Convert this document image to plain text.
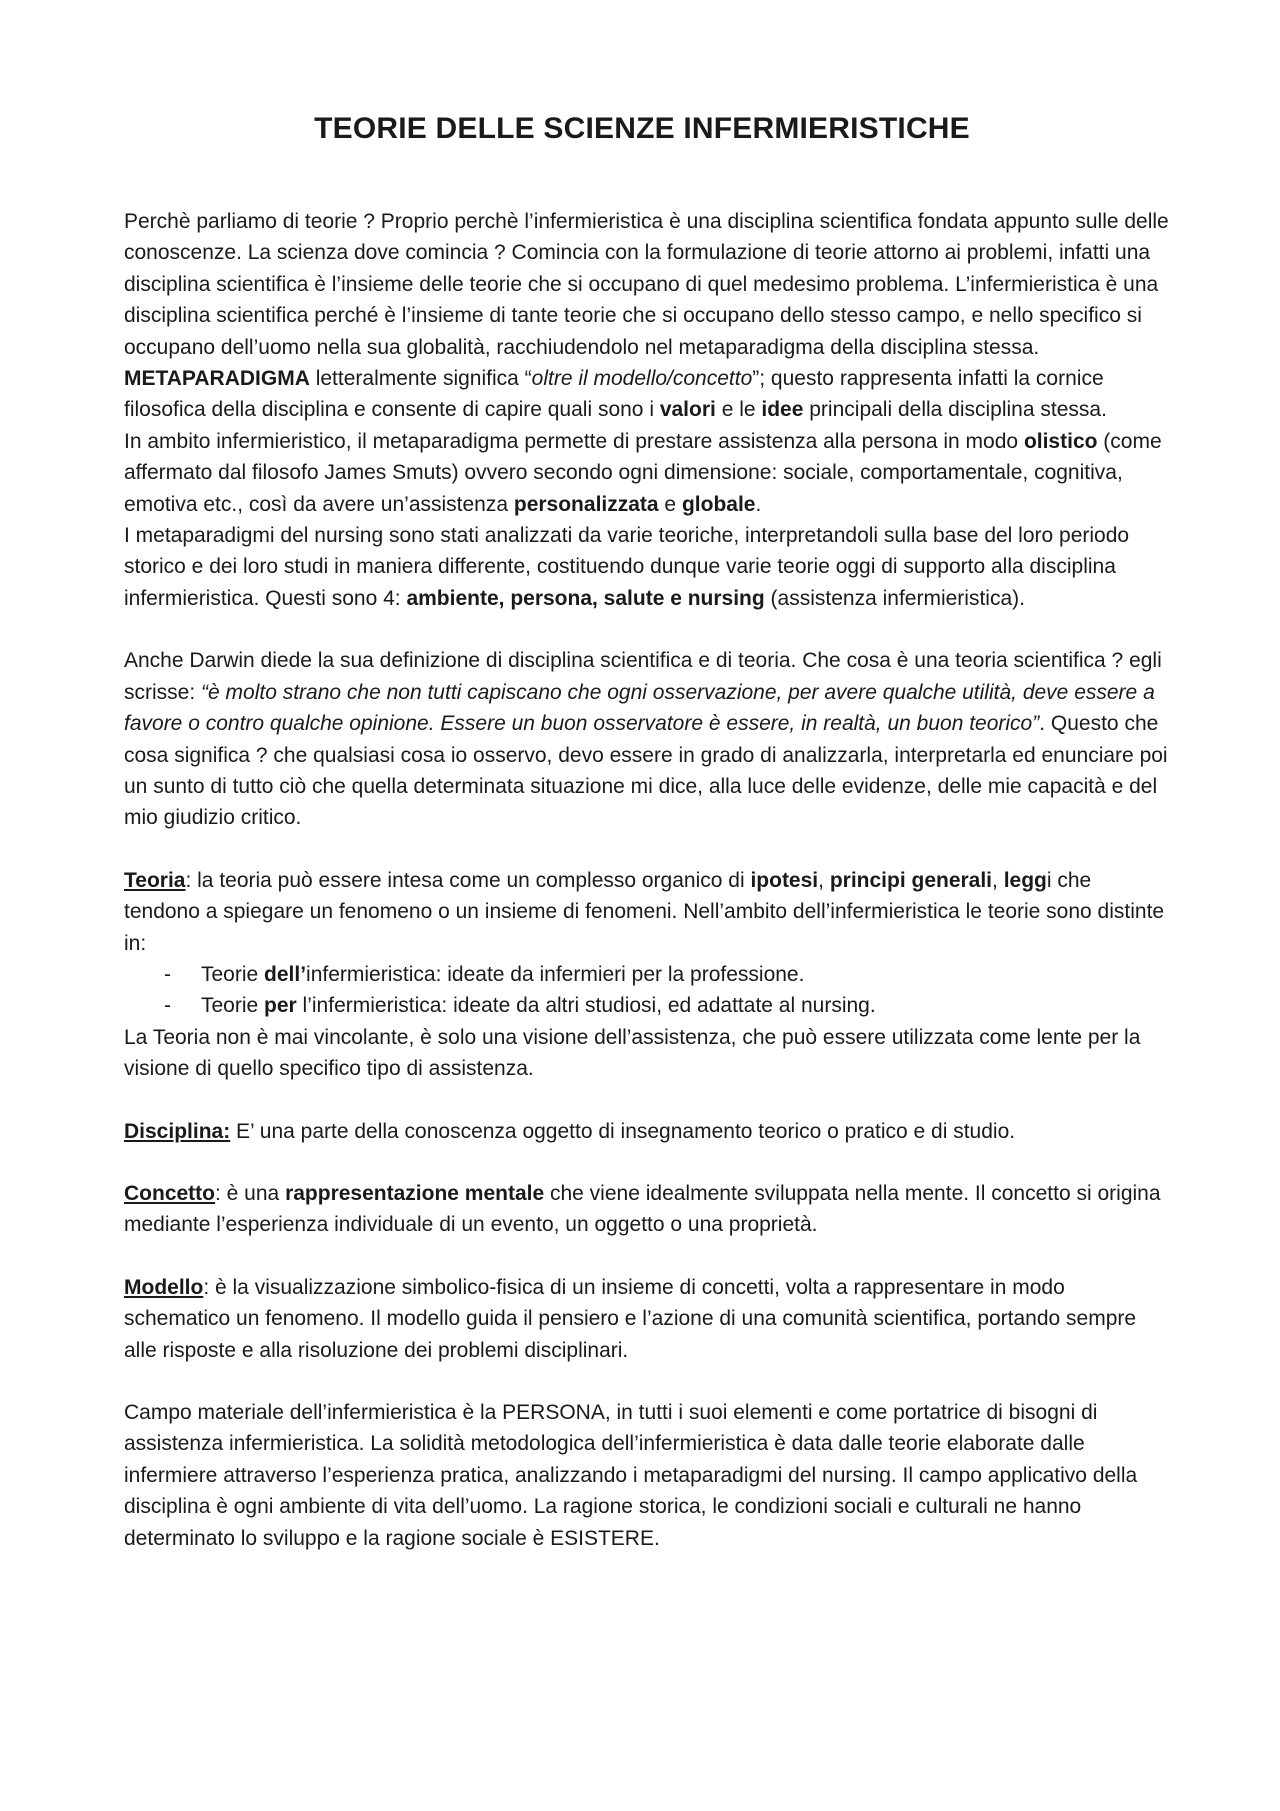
TEORIE DELLE SCIENZE INFERMIERISTICHE
Perchè parliamo di teorie ? Proprio perchè l’infermieristica è una disciplina scientifica fondata appunto sulle delle conoscenze. La scienza dove comincia ? Comincia con la formulazione di teorie attorno ai problemi, infatti una disciplina scientifica è l’insieme delle teorie che si occupano di quel medesimo problema. L’infermieristica è una disciplina scientifica perché è l’insieme di tante teorie che si occupano dello stesso campo, e nello specifico si occupano dell’uomo nella sua globalità, racchiudendolo nel metaparadigma della disciplina stessa. METAPARADIGMA letteralmente significa “oltre il modello/concetto”; questo rappresenta infatti la cornice filosofica della disciplina e consente di capire quali sono i valori e le idee principali della disciplina stessa.
In ambito infermieristico, il metaparadigma permette di prestare assistenza alla persona in modo olistico (come affermato dal filosofo James Smuts) ovvero secondo ogni dimensione: sociale, comportamentale, cognitiva, emotiva etc., così da avere un’assistenza personalizzata e globale.
I metaparadigmi del nursing sono stati analizzati da varie teoriche, interpretandoli sulla base del loro periodo storico e dei loro studi in maniera differente, costituendo dunque varie teorie oggi di supporto alla disciplina infermieristica. Questi sono 4: ambiente, persona, salute e nursing (assistenza infermieristica).
Anche Darwin diede la sua definizione di disciplina scientifica e di teoria. Che cosa è una teoria scientifica ? egli scrisse: “è molto strano che non tutti capiscano che ogni osservazione, per avere qualche utilità, deve essere a favore o contro qualche opinione. Essere un buon osservatore è essere, in realtà, un buon teorico”. Questo che cosa significa ? che qualsiasi cosa io osservo, devo essere in grado di analizzarla, interpretarla ed enunciare poi un sunto di tutto ciò che quella determinata situazione mi dice, alla luce delle evidenze, delle mie capacità e del mio giudizio critico.
Teoria: la teoria può essere intesa come un complesso organico di ipotesi, principi generali, leggi che tendono a spiegare un fenomeno o un insieme di fenomeni. Nell’ambito dell’infermieristica le teorie sono distinte in:
- Teorie dell’infermieristica: ideate da infermieri per la professione.
- Teorie per l’infermieristica: ideate da altri studiosi, ed adattate al nursing.
La Teoria non è mai vincolante, è solo una visione dell’assistenza, che può essere utilizzata come lente per la visione di quello specifico tipo di assistenza.
Disciplina: E’ una parte della conoscenza oggetto di insegnamento teorico o pratico e di studio.
Concetto: è una rappresentazione mentale che viene idealmente sviluppata nella mente. Il concetto si origina mediante l’esperienza individuale di un evento, un oggetto o una proprietà.
Modello: è la visualizzazione simbolico-fisica di un insieme di concetti, volta a rappresentare in modo schematico un fenomeno. Il modello guida il pensiero e l’azione di una comunità scientifica, portando sempre alle risposte e alla risoluzione dei problemi disciplinari.
Campo materiale dell’infermieristica è la PERSONA, in tutti i suoi elementi e come portatrice di bisogni di assistenza infermieristica. La solidità metodologica dell’infermieristica è data dalle teorie elaborate dalle infermiere attraverso l’esperienza pratica, analizzando i metaparadigmi del nursing. Il campo applicativo della disciplina è ogni ambiente di vita dell’uomo. La ragione storica, le condizioni sociali e culturali ne hanno determinato lo sviluppo e la ragione sociale è ESISTERE.
